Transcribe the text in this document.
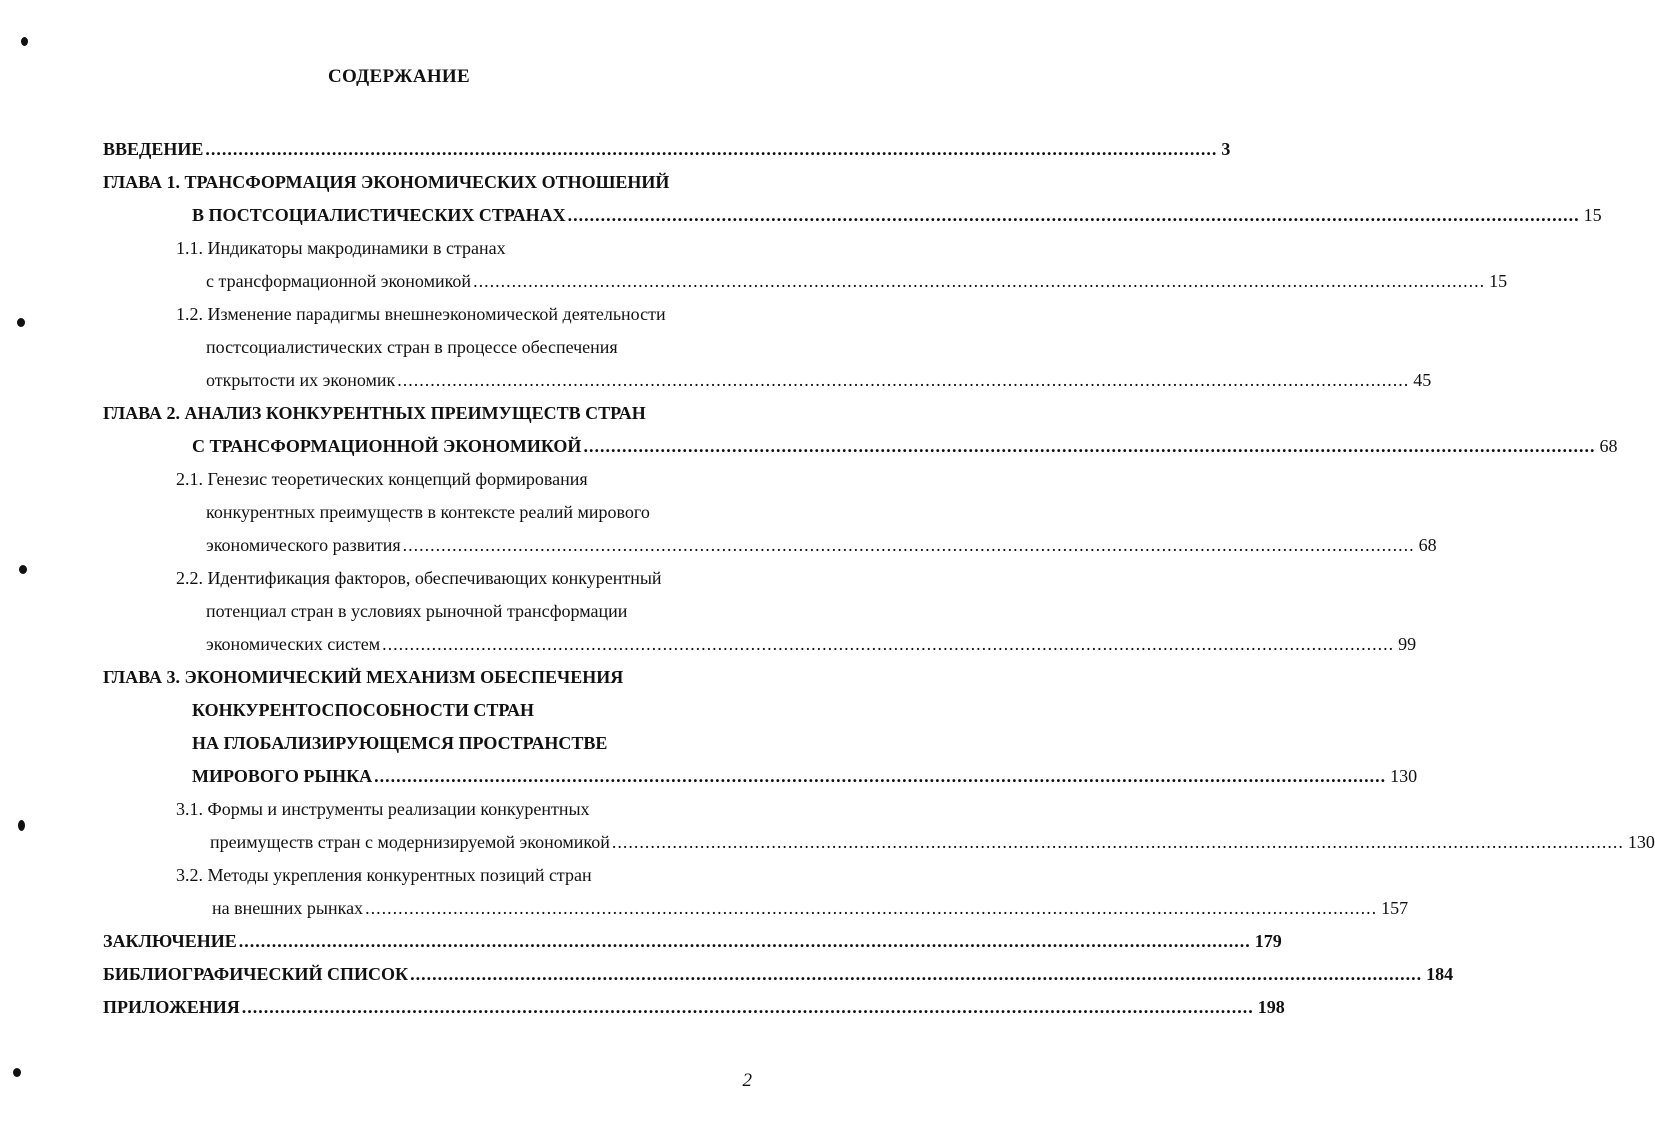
СОДЕРЖАНИЕ
ВВЕДЕНИЕ ........................................................................................................................................................................................ 3
ГЛАВА 1. ТРАНСФОРМАЦИЯ ЭКОНОМИЧЕСКИХ ОТНОШЕНИЙ
В ПОСТСОЦИАЛИСТИЧЕСКИХ СТРАНАХ ........................................................................................................................................................................................ 15
1.1. Индикаторы макродинамики в странах
с трансформационной экономикой ........................................................................................................................................................................................ 15
1.2. Изменение парадигмы внешнеэкономической деятельности
постсоциалистических стран в процессе обеспечения
открытости их экономик ........................................................................................................................................................................................ 45
ГЛАВА 2. АНАЛИЗ КОНКУРЕНТНЫХ ПРЕИМУЩЕСТВ СТРАН
С ТРАНСФОРМАЦИОННОЙ ЭКОНОМИКОЙ ........................................................................................................................................................................................ 68
2.1. Генезис теоретических концепций формирования
конкурентных преимуществ в контексте реалий мирового
экономического развития ........................................................................................................................................................................................ 68
2.2. Идентификация факторов, обеспечивающих конкурентный
потенциал стран в условиях рыночной трансформации
экономических систем ........................................................................................................................................................................................ 99
ГЛАВА 3. ЭКОНОМИЧЕСКИЙ МЕХАНИЗМ ОБЕСПЕЧЕНИЯ
КОНКУРЕНТОСПОСОБНОСТИ СТРАН
НА ГЛОБАЛИЗИРУЮЩЕМСЯ ПРОСТРАНСТВЕ
МИРОВОГО РЫНКА ........................................................................................................................................................................................ 130
3.1. Формы и инструменты реализации конкурентных
преимуществ стран с модернизируемой экономикой ........................................................................................................................................................................................ 130
3.2. Методы укрепления конкурентных позиций стран
на внешних рынках ........................................................................................................................................................................................ 157
ЗАКЛЮЧЕНИЕ ........................................................................................................................................................................................ 179
БИБЛИОГРАФИЧЕСКИЙ СПИСОК ........................................................................................................................................................................................ 184
ПРИЛОЖЕНИЯ ........................................................................................................................................................................................ 198
2
